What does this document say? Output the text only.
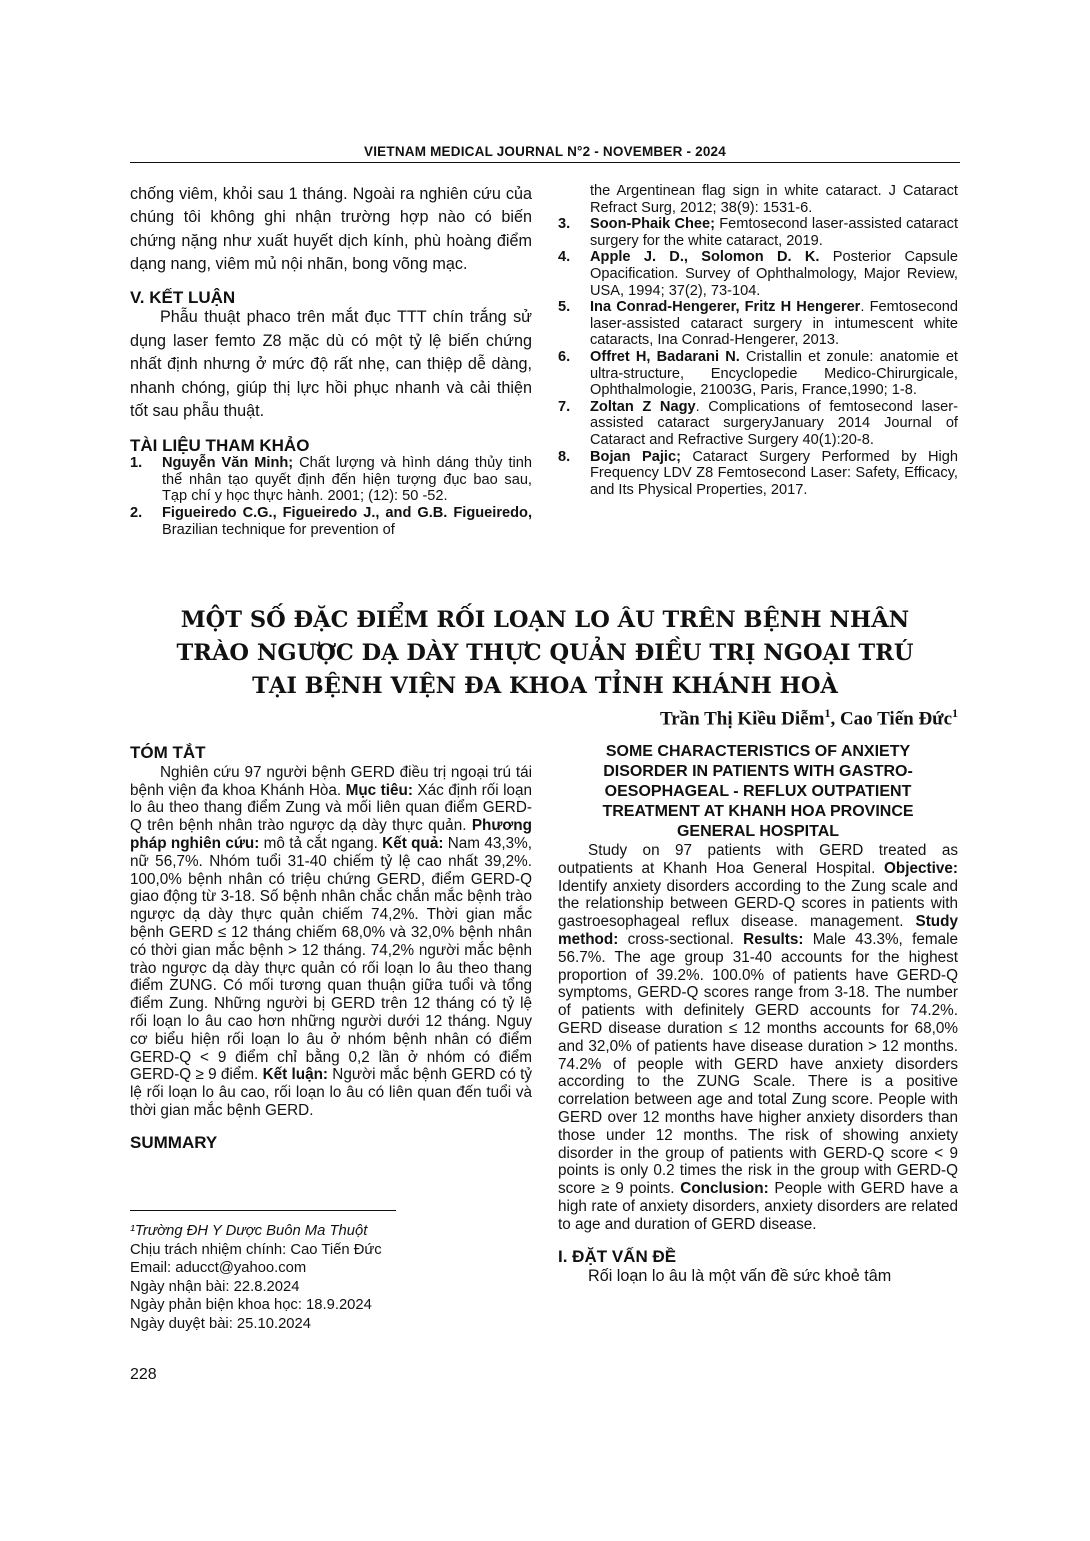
VIETNAM MEDICAL JOURNAL N°2 - NOVEMBER - 2024

chống viêm, khỏi sau 1 tháng. Ngoài ra nghiên cứu của chúng tôi không ghi nhận trường hợp nào có biến chứng nặng như xuất huyết dịch kính, phù hoàng điểm dạng nang, viêm mủ nội nhãn, bong võng mạc.

V. KẾT LUẬN

Phẫu thuật phaco trên mắt đục TTT chín trắng sử dụng laser femto Z8 mặc dù có một tỷ lệ biến chứng nhất định nhưng ở mức độ rất nhẹ, can thiệp dễ dàng, nhanh chóng, giúp thị lực hồi phục nhanh và cải thiện tốt sau phẫu thuật.

TÀI LIỆU THAM KHẢO

1. Nguyễn Văn Minh; Chất lượng và hình dáng thủy tinh thể nhân tạo quyết định đến hiện tượng đục bao sau, Tạp chí y học thực hành. 2001; (12): 50 -52.
2. Figueiredo C.G., Figueiredo J., and G.B. Figueiredo, Brazilian technique for prevention of
the Argentinean flag sign in white cataract. J Cataract Refract Surg, 2012; 38(9): 1531-6.
3. Soon-Phaik Chee; Femtosecond laser-assisted cataract surgery for the white cataract, 2019.
4. Apple J. D., Solomon D. K. Posterior Capsule Opacification. Survey of Ophthalmology, Major Review, USA, 1994; 37(2), 73-104.
5. Ina Conrad-Hengerer, Fritz H Hengerer. Femtosecond laser-assisted cataract surgery in intumescent white cataracts, Ina Conrad-Hengerer, 2013.
6. Offret H, Badarani N. Cristallin et zonule: anatomie et ultra-structure, Encyclopedie Medico-Chirurgicale, Ophthalmologie, 21003G, Paris, France,1990; 1-8.
7. Zoltan Z Nagy. Complications of femtosecond laser-assisted cataract surgeryJanuary 2014 Journal of Cataract and Refractive Surgery 40(1):20-8.
8. Bojan Pajic; Cataract Surgery Performed by High Frequency LDV Z8 Femtosecond Laser: Safety, Efficacy, and Its Physical Properties, 2017.
MỘT SỐ ĐẶC ĐIỂM RỐI LOẠN LO ÂU TRÊN BỆNH NHÂN
TRÀO NGƯỢC DẠ DÀY THỰC QUẢN ĐIỀU TRỊ NGOẠI TRÚ
TẠI BỆNH VIỆN ĐA KHOA TỈNH KHÁNH HOÀ
Trần Thị Kiều Diễm$^1$, Cao Tiến Đức$^1$

TÓM TẮT

Nghiên cứu 97 người bệnh GERD điều trị ngoại trú tái bệnh viện đa khoa Khánh Hòa. Mục tiêu: Xác định rối loạn lo âu theo thang điểm Zung và mối liên quan điểm GERD-Q trên bệnh nhân trào ngược dạ dày thực quản. Phương pháp nghiên cứu: mô tả cắt ngang. Kết quả: Nam 43,3%, nữ 56,7%. Nhóm tuổi 31-40 chiếm tỷ lệ cao nhất 39,2%. 100,0% bệnh nhân có triệu chứng GERD, điểm GERD-Q giao động từ 3-18. Số bệnh nhân chắc chắn mắc bệnh trào ngược dạ dày thực quản chiếm 74,2%. Thời gian mắc bệnh GERD ≤ 12 tháng chiếm 68,0% và 32,0% bệnh nhân có thời gian mắc bệnh > 12 tháng. 74,2% người mắc bệnh trào ngược dạ dày thực quản có rối loạn lo âu theo thang điểm ZUNG. Có mối tương quan thuận giữa tuổi và tổng điểm Zung. Những người bị GERD trên 12 tháng có tỷ lệ rối loạn lo âu cao hơn những người dưới 12 tháng. Nguy cơ biểu hiện rối loạn lo âu ở nhóm bệnh nhân có điểm GERD-Q < 9 điểm chỉ bằng 0,2 lần ở nhóm có điểm GERD-Q ≥ 9 điểm. Kết luận: Người mắc bệnh GERD có tỷ lệ rối loạn lo âu cao, rối loạn lo âu có liên quan đến tuổi và thời gian mắc bệnh GERD.

SUMMARY

SOME CHARACTERISTICS OF ANXIETY

DISORDER IN PATIENTS WITH GASTRO-

OESOPHAGEAL - REFLUX OUTPATIENT

TREATMENT AT KHANH HOA PROVINCE

GENERAL HOSPITAL

Study on 97 patients with GERD treated as outpatients at Khanh Hoa General Hospital. Objective: Identify anxiety disorders according to the Zung scale and the relationship between GERD-Q scores in patients with gastroesophageal reflux disease. management. Study method: cross-sectional. Results: Male 43.3%, female 56.7%. The age group 31-40 accounts for the highest proportion of 39.2%. 100.0% of patients have GERD-Q symptoms, GERD-Q scores range from 3-18. The number of patients with definitely GERD accounts for 74.2%. GERD disease duration ≤ 12 months accounts for 68,0% and 32,0% of patients have disease duration > 12 months. 74.2% of people with GERD have anxiety disorders according to the ZUNG Scale. There is a positive correlation between age and total Zung score. People with GERD over 12 months have higher anxiety disorders than those under 12 months. The risk of showing anxiety disorder in the group of patients with GERD-Q score < 9 points is only 0.2 times the risk in the group with GERD-Q score ≥ 9 points. Conclusion: People with GERD have a high rate of anxiety disorders, anxiety disorders are related to age and duration of GERD disease.

I. ĐẶT VẤN ĐỀ

Rối loạn lo âu là một vấn đề sức khoẻ tâm

¹Trường ĐH Y Dược Buôn Ma Thuột
Chịu trách nhiệm chính: Cao Tiến Đức
Email: aducct@yahoo.com
Ngày nhận bài: 22.8.2024
Ngày phản biện khoa học: 18.9.2024
Ngày duyệt bài: 25.10.2024
228
